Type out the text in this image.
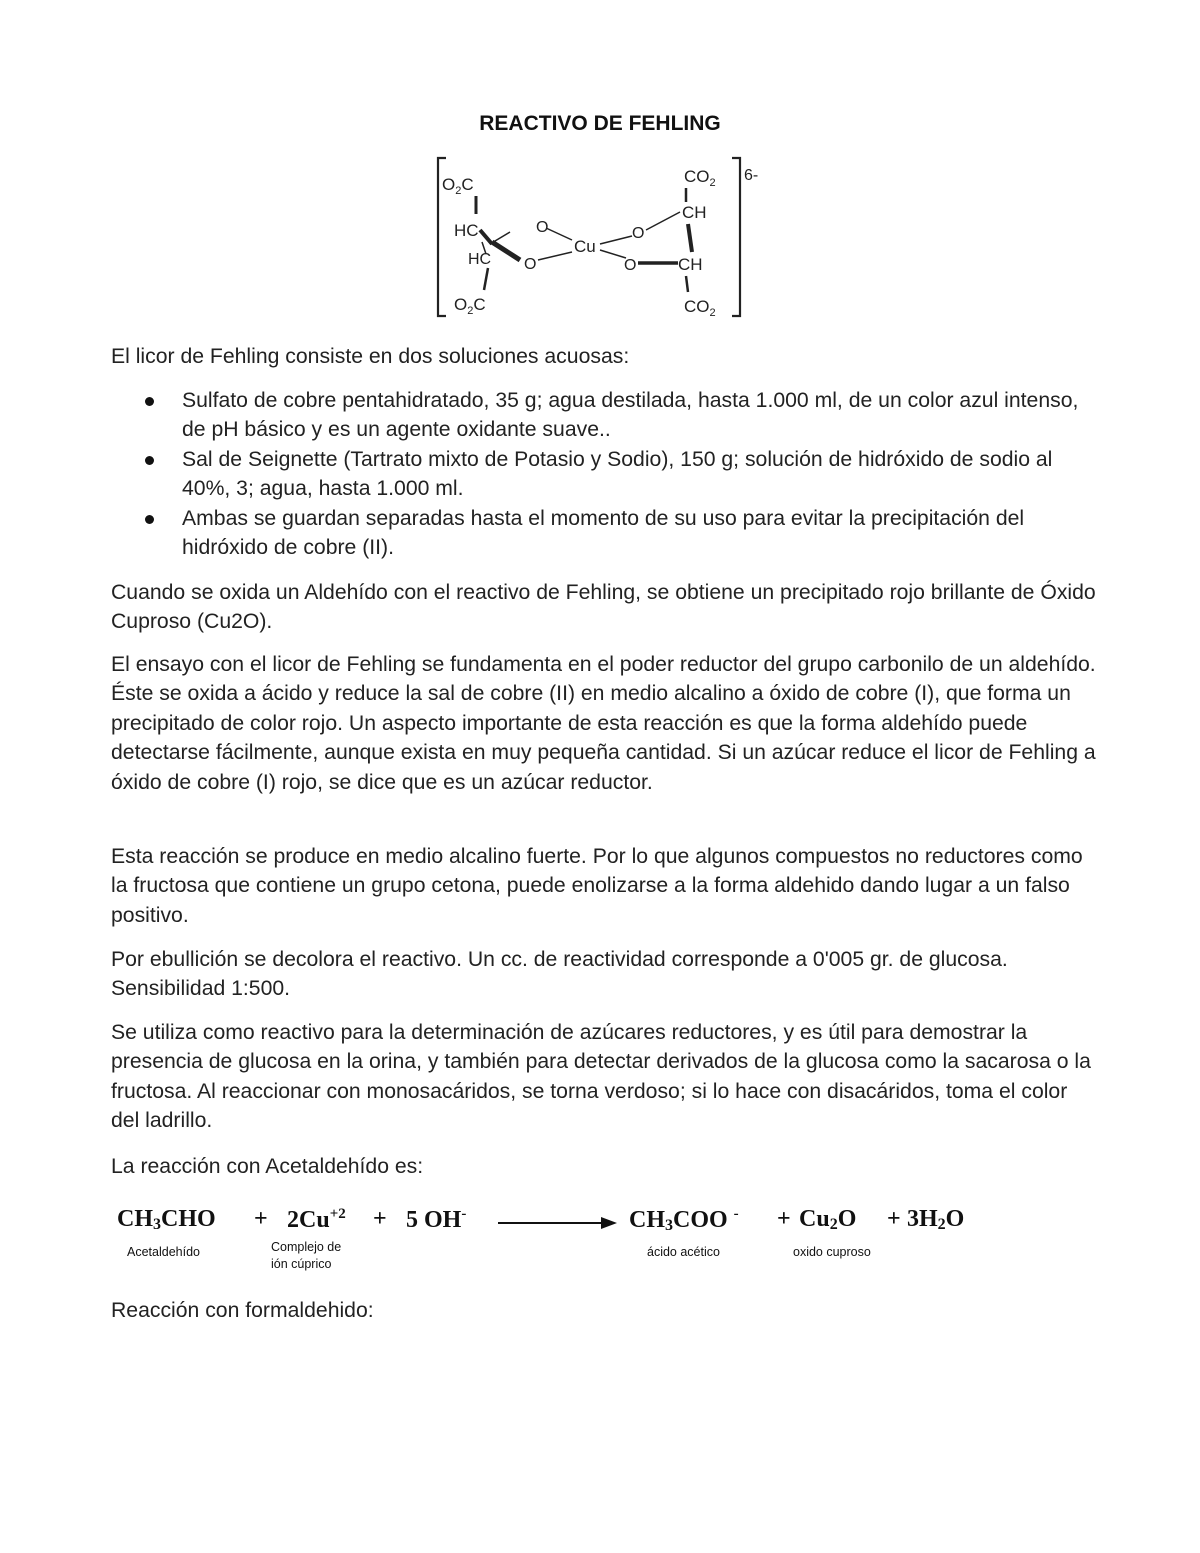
REACTIVO DE FEHLING
$O_2C$
HC
HC
$O_2C$
O
O
Cu
O
O
$CO_2$
CH
CH
$CO_2$
6-
El licor de Fehling consiste en dos soluciones acuosas:
Sulfato de cobre pentahidratado, 35 g; agua destilada, hasta 1.000 ml, de un color azul intenso, de pH básico y es un agente oxidante suave..
Sal de Seignette (Tartrato mixto de Potasio y Sodio), 150 g; solución de hidróxido de sodio al 40%, 3; agua, hasta 1.000 ml.
Ambas se guardan separadas hasta el momento de su uso para evitar la precipitación del hidróxido de cobre (II).
Cuando se oxida un Aldehído con el reactivo de Fehling, se obtiene un precipitado rojo brillante de Óxido Cuproso (Cu2O).
El ensayo con el licor de Fehling se fundamenta en el poder reductor del grupo carbonilo de un aldehído. Éste se oxida a ácido y reduce la sal de cobre (II) en medio alcalino a óxido de cobre (I), que forma un precipitado de color rojo. Un aspecto importante de esta reacción es que la forma aldehído puede detectarse fácilmente, aunque exista en muy pequeña cantidad. Si un azúcar reduce el licor de Fehling a óxido de cobre (I) rojo, se dice que es un azúcar reductor.
Esta reacción se produce en medio alcalino fuerte. Por lo que algunos compuestos no reductores como la fructosa que contiene un grupo cetona, puede enolizarse a la forma aldehido dando lugar a un falso positivo.
Por ebullición se decolora el reactivo. Un cc. de reactividad corresponde a 0'005 gr. de glucosa. Sensibilidad 1:500.
Se utiliza como reactivo para la determinación de azúcares reductores, y es útil para demostrar la presencia de glucosa en la orina, y también para detectar derivados de la glucosa como la sacarosa o la fructosa. Al reaccionar con monosacáridos, se torna verdoso; si lo hace con disacáridos, toma el color del ladrillo.
La reacción con Acetaldehído es:
$CH_3CHO + 2Cu^{+2} + 5$ OH-	$CH_3COO$ $^- + Cu_2O + 3H_2O$
Acetaldehído	Complejo de
ión cúprico
ácido acético	oxido cuproso
Reacción con formaldehido:
